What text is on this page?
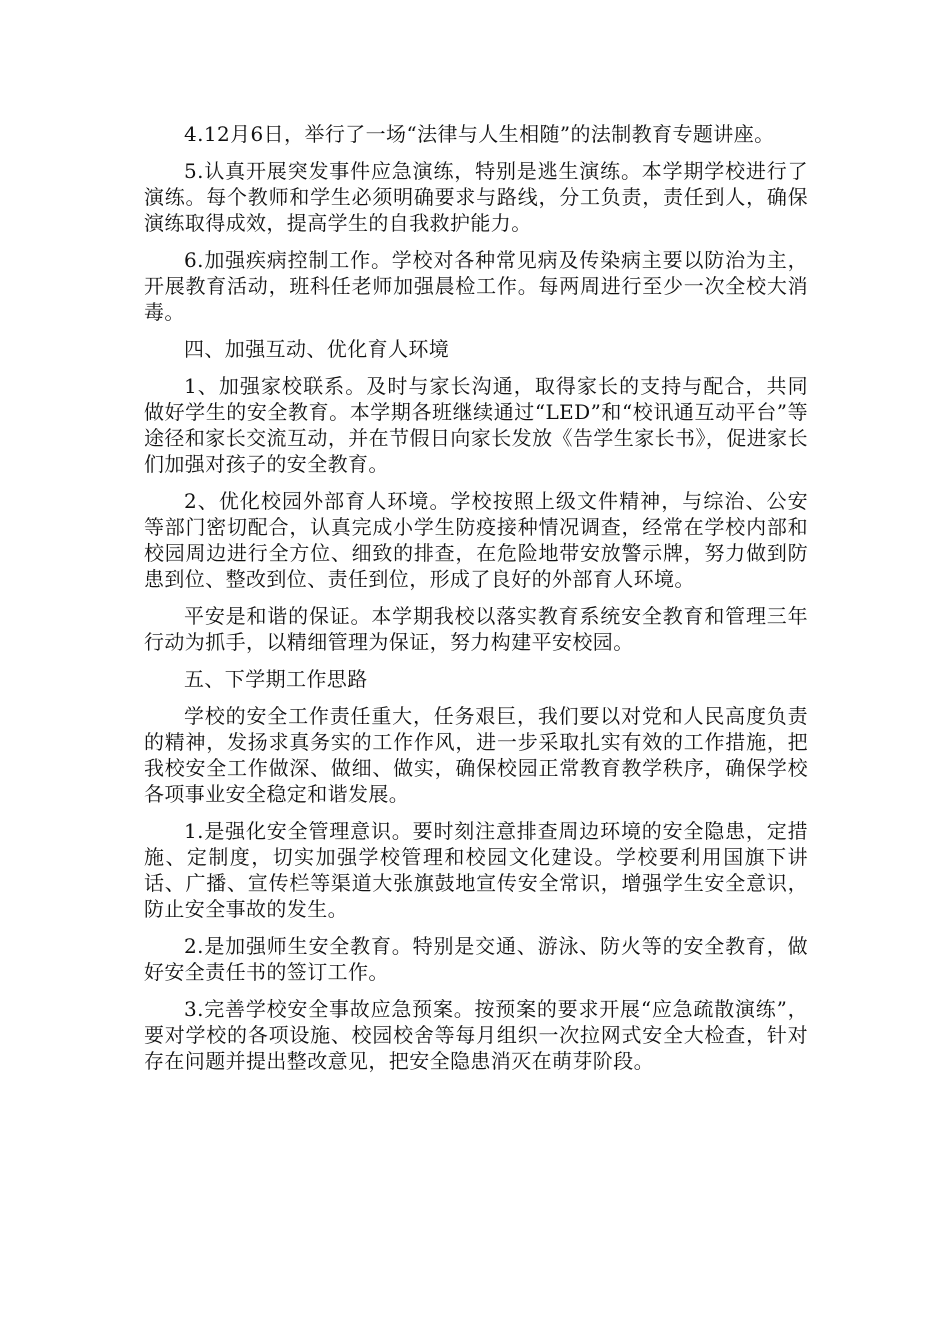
4.12月6日，举行了一场“法律与人生相随”的法制教育专题讲座。

5.认真开展突发事件应急演练，特别是逃生演练。本学期学校进行了演练。每个教师和学生必须明确要求与路线，分工负责，责任到人，确保演练取得成效，提高学生的自我救护能力。

6.加强疾病控制工作。学校对各种常见病及传染病主要以防治为主，开展教育活动，班科任老师加强晨检工作。每两周进行至少一次全校大消毒。

四、加强互动、优化育人环境

1、加强家校联系。及时与家长沟通，取得家长的支持与配合，共同做好学生的安全教育。本学期各班继续通过“LED”和“校讯通互动平台”等途径和家长交流互动，并在节假日向家长发放《告学生家长书》，促进家长们加强对孩子的安全教育。

2、优化校园外部育人环境。学校按照上级文件精神，与综治、公安等部门密切配合，认真完成小学生防疫接种情况调查，经常在学校内部和校园周边进行全方位、细致的排查，在危险地带安放警示牌，努力做到防患到位、整改到位、责任到位，形成了良好的外部育人环境。

平安是和谐的保证。本学期我校以落实教育系统安全教育和管理三年行动为抓手，以精细管理为保证，努力构建平安校园。

五、下学期工作思路

学校的安全工作责任重大，任务艰巨，我们要以对党和人民高度负责的精神，发扬求真务实的工作作风，进一步采取扎实有效的工作措施，把我校安全工作做深、做细、做实，确保校园正常教育教学秩序，确保学校各项事业安全稳定和谐发展。

1.是强化安全管理意识。要时刻注意排查周边环境的安全隐患，定措施、定制度，切实加强学校管理和校园文化建设。学校要利用国旗下讲话、广播、宣传栏等渠道大张旗鼓地宣传安全常识，增强学生安全意识，防止安全事故的发生。

2.是加强师生安全教育。特别是交通、游泳、防火等的安全教育，做好安全责任书的签订工作。

3.完善学校安全事故应急预案。按预案的要求开展“应急疏散演练”，要对学校的各项设施、校园校舍等每月组织一次拉网式安全大检查，针对存在问题并提出整改意见，把安全隐患消灭在萌芽阶段。
